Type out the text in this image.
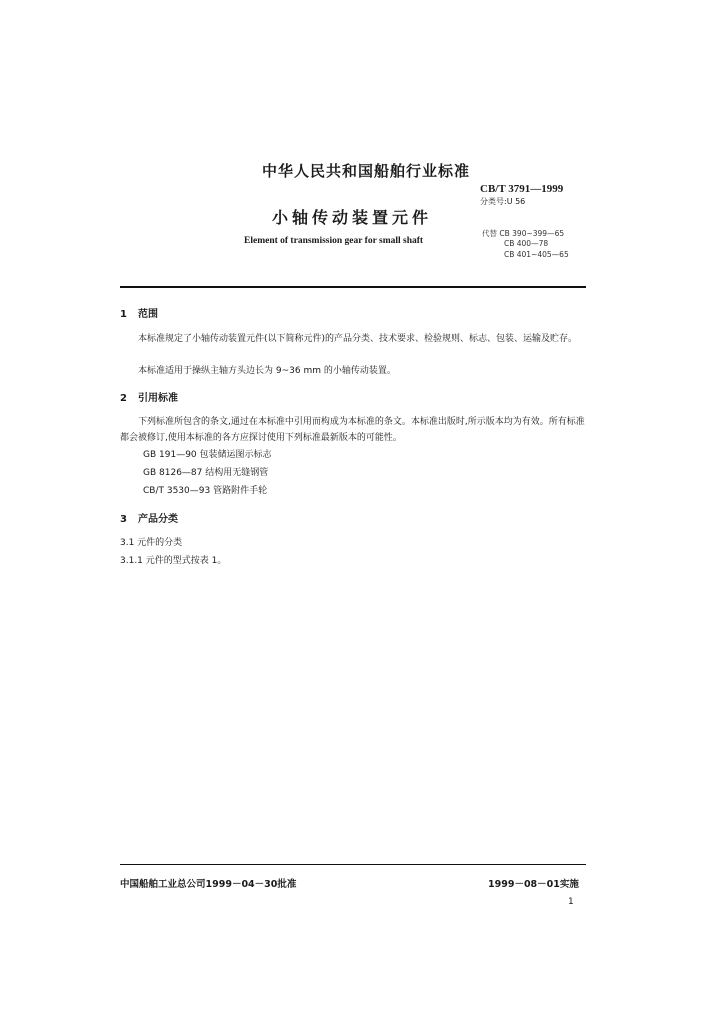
中华人民共和国船舶行业标准
CB/T 3791—1999
分类号:U 56
小轴传动装置元件
Element of transmission gear for small shaft
代替 CB 390~399—65
CB 400—78
CB 401~405—65
1 范围
本标准规定了小轴传动装置元件(以下简称元件)的产品分类、技术要求、检验规则、标志、包装、运输及贮存。
本标准适用于操纵主轴方头边长为 9~36 mm 的小轴传动装置。
2 引用标准
下列标准所包含的条文,通过在本标准中引用而构成为本标准的条文。本标准出版时,所示版本均为有效。所有标准都会被修订,使用本标准的各方应探讨使用下列标准最新版本的可能性。
GB 191—90 包装储运图示标志
GB 8126—87 结构用无缝钢管
CB/T 3530—93 管路附件手轮
3 产品分类
3.1 元件的分类
3.1.1 元件的型式按表 1。
中国船舶工业总公司1999－04－30批准	1999－08－01实施
1
